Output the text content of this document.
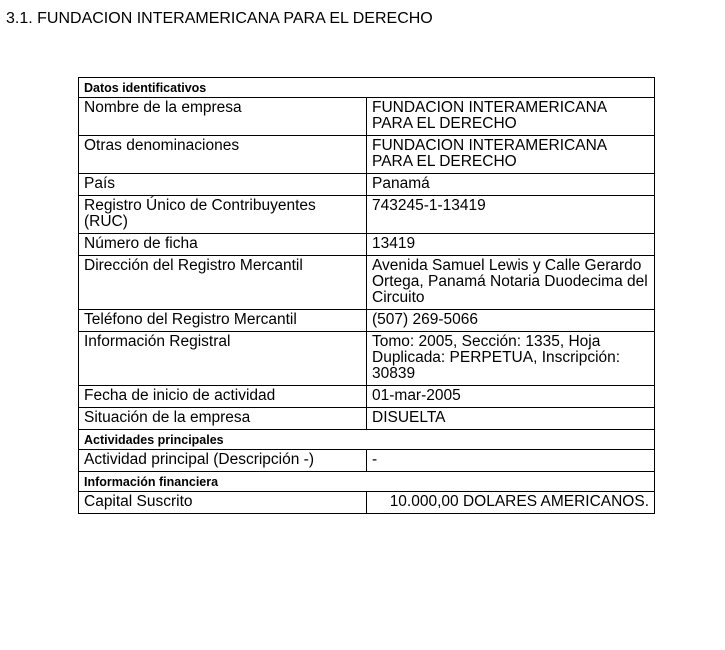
3.1. FUNDACION INTERAMERICANA PARA EL DERECHO
Datos identificativos	
Nombre de la empresa	FUNDACION INTERAMERICANA PARA EL DERECHO
Otras denominaciones	FUNDACION INTERAMERICANA PARA EL DERECHO
País	Panamá
Registro Único de Contribuyentes (RUC)	743245-1-13419
Número de ficha	13419
Dirección del Registro Mercantil	Avenida Samuel Lewis y Calle Gerardo Ortega, Panamá Notaria Duodecima del Circuito
Teléfono del Registro Mercantil	(507) 269-5066
Información Registral	Tomo: 2005, Sección: 1335, Hoja Duplicada: PERPETUA, Inscripción: 30839
Fecha de inicio de actividad	01-mar-2005
Situación de la empresa	DISUELTA
Actividades principales	
Actividad principal (Descripción -)	-
Información financiera	
Capital Suscrito	10.000,00 DOLARES AMERICANOS.
